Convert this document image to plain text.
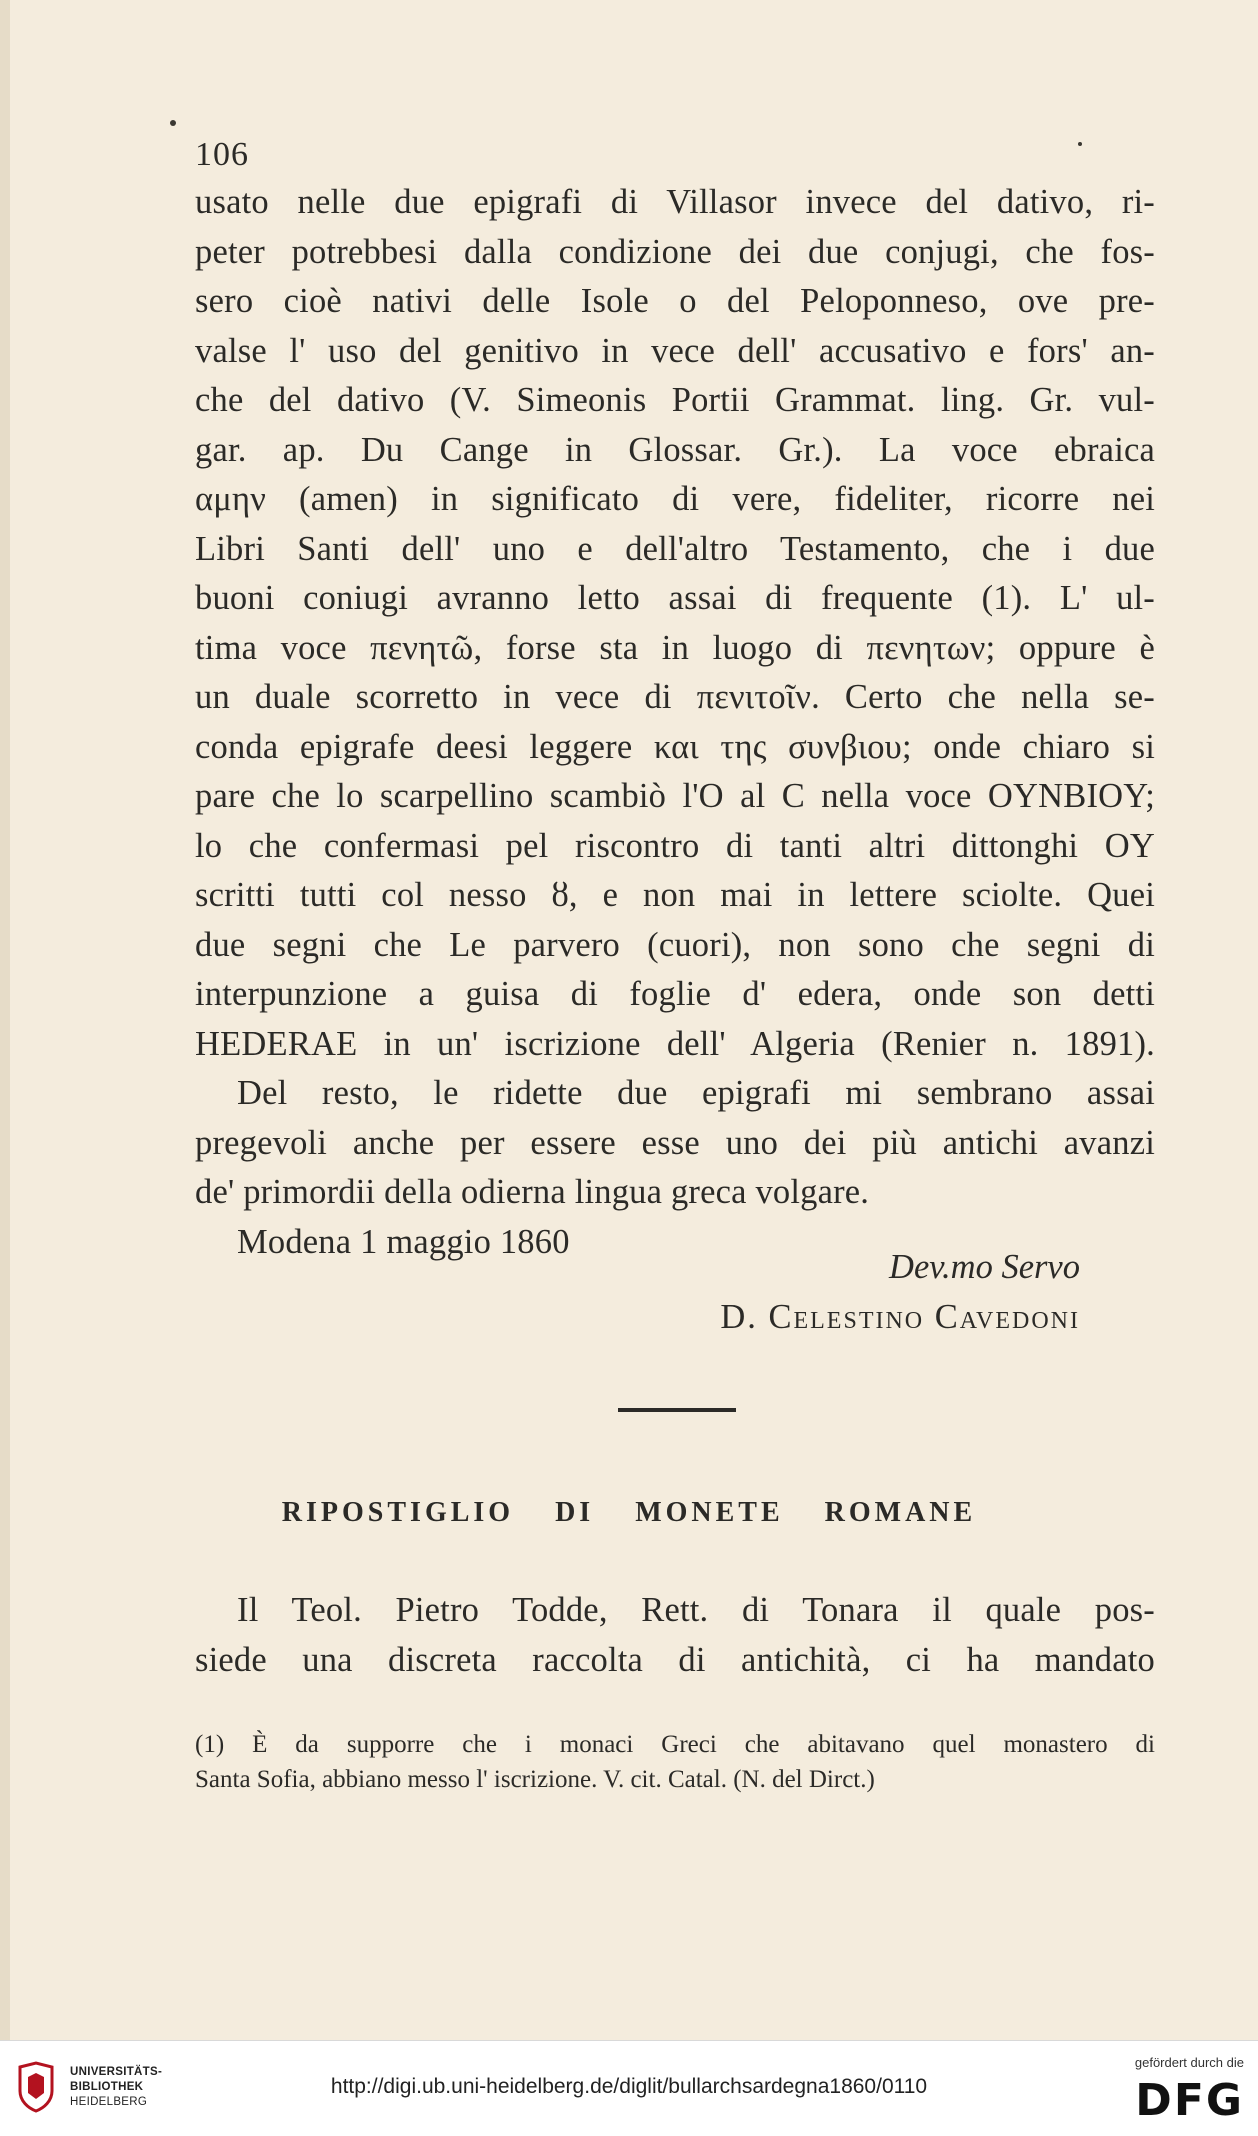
106
usato nelle due epigrafi di Villasor invece del dativo, ri-
peter potrebbesi dalla condizione dei due conjugi, che fos-
sero cioè nativi delle Isole o del Peloponneso, ove pre-
valse l' uso del genitivo in vece dell' accusativo e fors' an-
che del dativo (V. Simeonis Portii Grammat. ling. Gr. vul-
gar. ap. Du Cange in Glossar. Gr.). La voce ebraica
αμην (amen) in significato di vere, fideliter, ricorre nei
Libri Santi dell' uno e dell'altro Testamento, che i due
buoni coniugi avranno letto assai di frequente (1). L' ul-
tima voce πενητῶ, forse sta in luogo di πενητων; oppure è
un duale scorretto in vece di πενιτοῖν. Certo che nella se-
conda epigrafe deesi leggere και της συνβιου; onde chiaro si
pare che lo scarpellino scambiò l'O al C nella voce OYNBIOY;
lo che confermasi pel riscontro di tanti altri dittonghi OY
scritti tutti col nesso ȣ, e non mai in lettere sciolte. Quei
due segni che Le parvero (cuori), non sono che segni di
interpunzione a guisa di foglie d' edera, onde son detti
HEDERAE in un' iscrizione dell' Algeria (Renier n. 1891).
Del resto, le ridette due epigrafi mi sembrano assai
pregevoli anche per essere esse uno dei più antichi avanzi
de' primordii della odierna lingua greca volgare.
Modena 1 maggio 1860
Dev.mo Servo
D. Celestino Cavedoni
RIPOSTIGLIO DI MONETE ROMANE
Il Teol. Pietro Todde, Rett. di Tonara il quale pos-
siede una discreta raccolta di antichità, ci ha mandato
(1) È da supporre che i monaci Greci che abitavano quel monastero di
Santa Sofia, abbiano messo l' iscrizione. V. cit. Catal. (N. del Dirct.)
UNIVERSITÄTS-
BIBLIOTHEK
HEIDELBERG
http://digi.ub.uni-heidelberg.de/diglit/bullarchsardegna1860/0110
gefördert durch die
DFG
